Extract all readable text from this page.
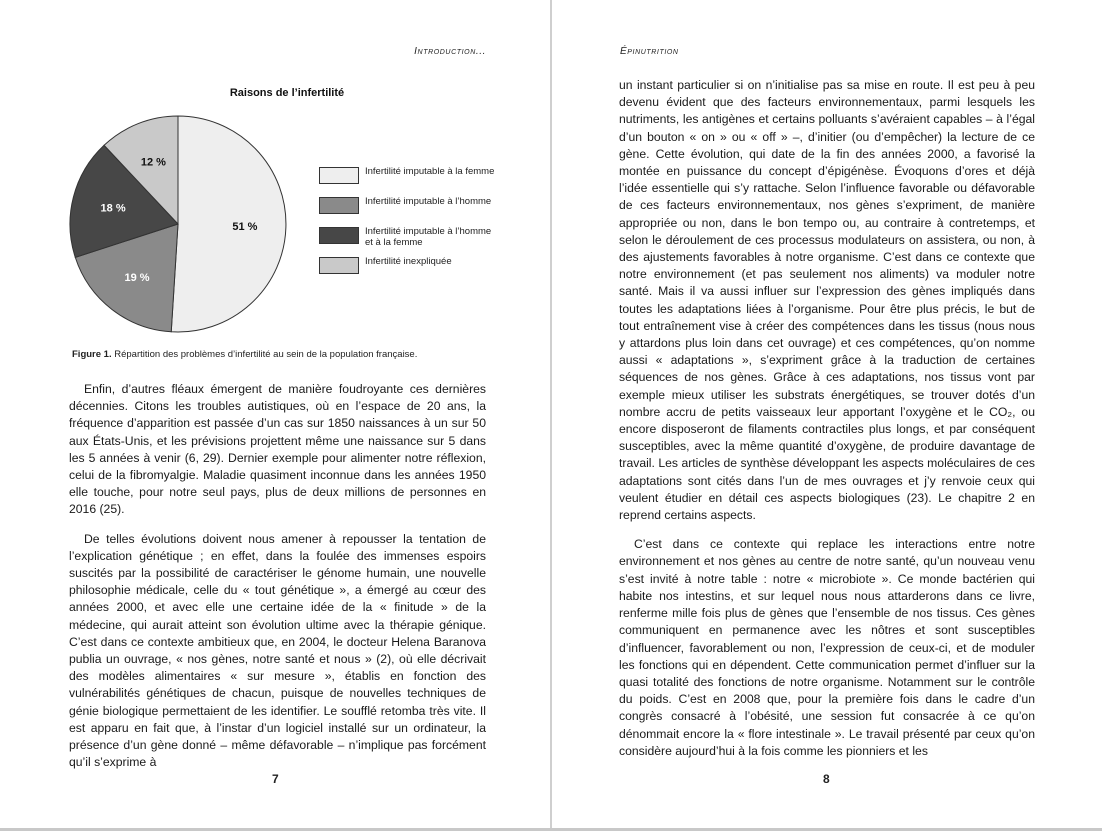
Introduction...
Raisons de l’infertilité
51 %
19 %
18 %
12 %
Infertilité imputable à la femme
Infertilité imputable à l’homme
Infertilité imputable à l’homme et à la femme
Infertilité inexpliquée
Figure 1. Répartition des problèmes d’infertilité au sein de la population française.

Enfin, d’autres fléaux émergent de manière foudroyante ces dernières décennies. Citons les troubles autistiques, où en l’espace de 20 ans, la fréquence d’apparition est passée d’un cas sur 1850 naissances à un sur 50 aux États-Unis, et les prévisions projettent même une naissance sur 5 dans les 5 années à venir (6, 29). Dernier exemple pour alimenter notre réflexion, celui de la fibromyalgie. Maladie quasiment inconnue dans les années 1950 elle touche, pour notre seul pays, plus de deux millions de personnes en 2016 (25).

De telles évolutions doivent nous amener à repousser la tentation de l’explication génétique ; en effet, dans la foulée des immenses espoirs suscités par la possibilité de caractériser le génome humain, une nouvelle philosophie médicale, celle du « tout génétique », a émergé au cœur des années 2000, et avec elle une certaine idée de la « finitude » de la médecine, qui aurait atteint son évolution ultime avec la thérapie génique. C’est dans ce contexte ambitieux que, en 2004, le docteur Helena Baranova publia un ouvrage, « nos gènes, notre santé et nous » (2), où elle décrivait des modèles alimentaires « sur mesure », établis en fonction des vulnérabilités génétiques de chacun, puisque de nouvelles techniques de génie biologique permettaient de les identifier. Le soufflé retomba très vite. Il est apparu en fait que, à l’instar d’un logiciel installé sur un ordinateur, la présence d’un gène donné – même défavorable – n’implique pas forcément qu’il s’exprime à

7
Épinutrition

un instant particulier si on n’initialise pas sa mise en route. Il est peu à peu devenu évident que des facteurs environnementaux, parmi lesquels les nutriments, les antigènes et certains polluants s’avéraient capables – à l’égal d’un bouton « on » ou « off » –, d’initier (ou d’empêcher) la lecture de ce gène. Cette évolution, qui date de la fin des années 2000, a favorisé la montée en puissance du concept d’épigénèse. Évoquons d’ores et déjà l’idée essentielle qui s’y rattache. Selon l’influence favorable ou défavorable de ces facteurs environnementaux, nos gènes s’expriment, de manière appropriée ou non, dans le bon tempo ou, au contraire à contretemps, et selon le déroulement de ces processus modulateurs on assistera, ou non, à des ajustements favorables à notre organisme. C’est dans ce contexte que notre environnement (et pas seulement nos aliments) va moduler notre santé. Mais il va aussi influer sur l’expression des gènes impliqués dans toutes les adaptations liées à l’organisme. Pour être plus précis, le but de tout entraînement vise à créer des compétences dans les tissus (nous nous y attardons plus loin dans cet ouvrage) et ces compétences, qu’on nomme aussi « adaptations », s’expriment grâce à la traduction de certaines séquences de nos gènes. Grâce à ces adaptations, nos tissus vont par exemple mieux utiliser les substrats énergétiques, se trouver dotés d’un nombre accru de petits vaisseaux leur apportant l’oxygène et le CO₂, ou encore disposeront de filaments contractiles plus longs, et par conséquent susceptibles, avec la même quantité d’oxygène, de produire davantage de travail. Les articles de synthèse développant les aspects moléculaires de ces adaptations sont cités dans l’un de mes ouvrages et j’y renvoie ceux qui veulent étudier en détail ces aspects biologiques (23). Le chapitre 2 en reprend certains aspects.

C’est dans ce contexte qui replace les interactions entre notre environnement et nos gènes au centre de notre santé, qu’un nouveau venu s’est invité à notre table : notre « microbiote ». Ce monde bactérien qui habite nos intestins, et sur lequel nous nous attarderons dans ce livre, renferme mille fois plus de gènes que l’ensemble de nos tissus. Ces gènes communiquent en permanence avec les nôtres et sont susceptibles d’influencer, favorablement ou non, l’expression de ceux-ci, et de moduler les fonctions qui en dépendent. Cette communication permet d’influer sur la quasi totalité des fonctions de notre organisme. Notamment sur le contrôle du poids. C’est en 2008 que, pour la première fois dans le cadre d’un congrès consacré à l’obésité, une session fut consacrée à ce qu’on dénommait encore la « flore intestinale ». Le travail présenté par ceux qu’on considère aujourd’hui à la fois comme les pionniers et les

8
